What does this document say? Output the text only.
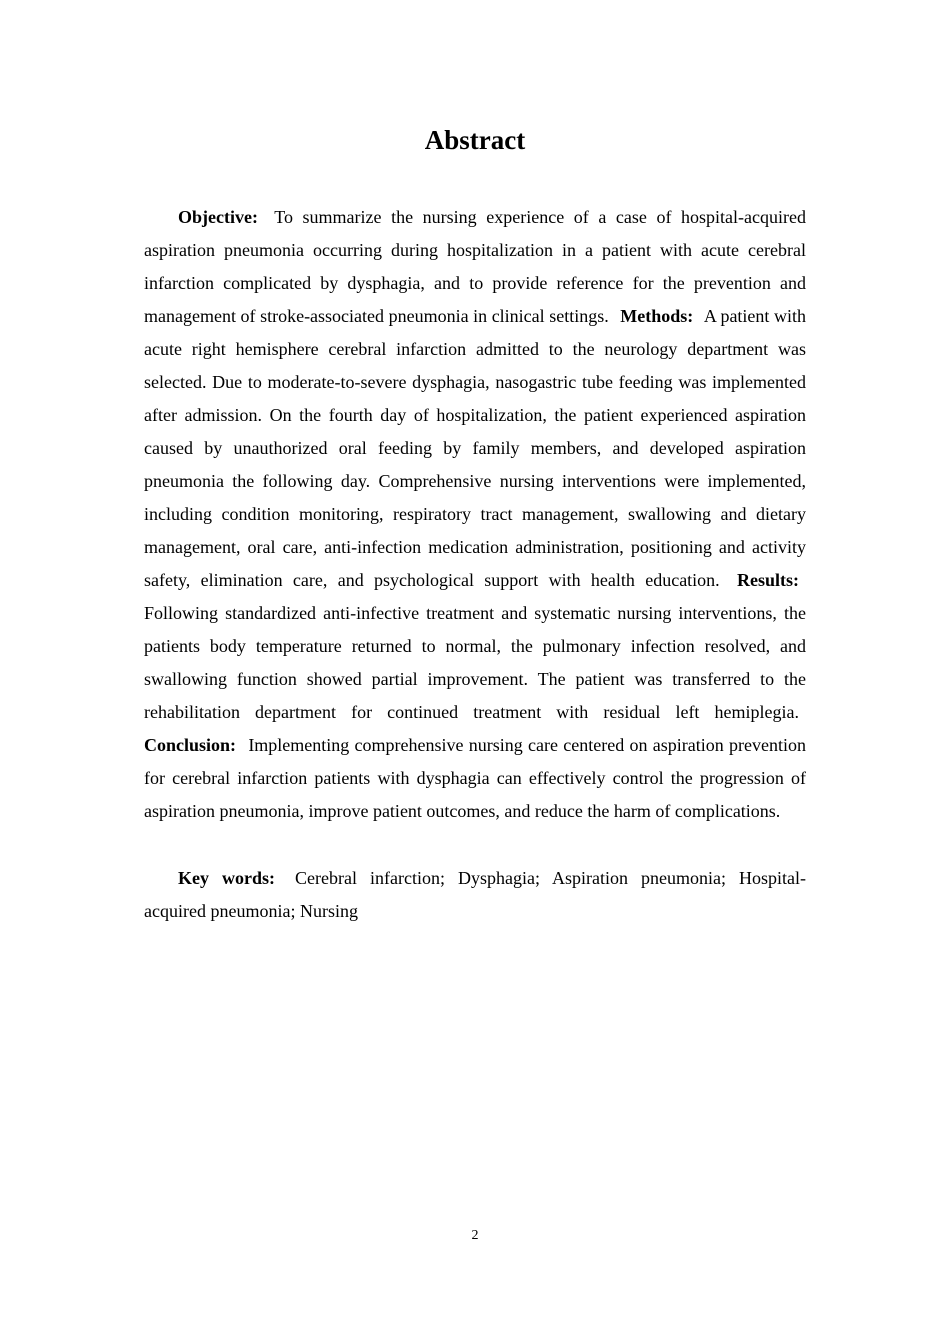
Abstract

Objective: To summarize the nursing experience of a case of hospital-acquired aspiration pneumonia occurring during hospitalization in a patient with acute cerebral infarction complicated by dysphagia, and to provide reference for the prevention and management of stroke-associated pneumonia in clinical settings. Methods: A patient with acute right hemisphere cerebral infarction admitted to the neurology department was selected. Due to moderate-to-severe dysphagia, nasogastric tube feeding was implemented after admission. On the fourth day of hospitalization, the patient experienced aspiration caused by unauthorized oral feeding by family members, and developed aspiration pneumonia the following day. Comprehensive nursing interventions were implemented, including condition monitoring, respiratory tract management, swallowing and dietary management, oral care, anti-infection medication administration, positioning and activity safety, elimination care, and psychological support with health education. Results: Following standardized anti-infective treatment and systematic nursing interventions, the patients body temperature returned to normal, the pulmonary infection resolved, and swallowing function showed partial improvement. The patient was transferred to the rehabilitation department for continued treatment with residual left hemiplegia. Conclusion: Implementing comprehensive nursing care centered on aspiration prevention for cerebral infarction patients with dysphagia can effectively control the progression of aspiration pneumonia, improve patient outcomes, and reduce the harm of complications.

Key words: Cerebral infarction; Dysphagia; Aspiration pneumonia; Hospital-acquired pneumonia; Nursing

2
